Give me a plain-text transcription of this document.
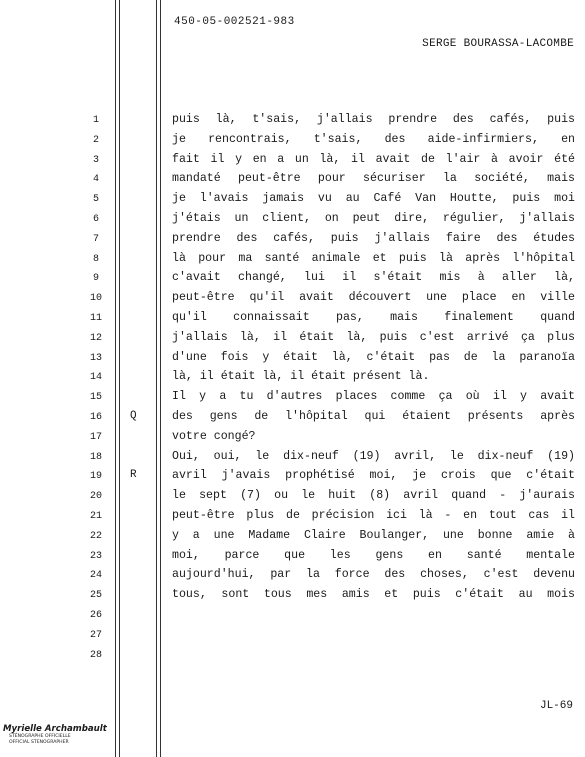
450-05-002521-983
SERGE BOURASSA-LACOMBE
1
2
3
4
5
6
7
8
9
10
11
12
13
14
15
16
17
18
19
20
21
22
23
24
25
26
27
28
Q
R
puis là, t'sais, j'allais prendre des cafés, puis
je rencontrais, t'sais, des aide-infirmiers, en
fait il y en a un là, il avait de l'air à avoir été
mandaté peut-être pour sécuriser la société, mais
je l'avais jamais vu au Café Van Houtte, puis moi
j'étais un client, on peut dire, régulier, j'allais
prendre des cafés, puis j'allais faire des études
là pour ma santé animale et puis là après l'hôpital
c'avait changé, lui il s'était mis à aller là,
peut-être qu'il avait découvert une place en ville
qu'il connaissait pas, mais finalement quand
j'allais là, il était là, puis c'est arrivé ça plus
d'une fois y était là, c'était pas de la paranoïa
là, il était là, il était présent là.
Il y a tu d'autres places comme ça où il y avait
des gens de l'hôpital qui étaient présents après
votre congé?
Oui, oui, le dix-neuf (19) avril, le dix-neuf (19)
avril j'avais prophétisé moi, je crois que c'était
le sept (7) ou le huit (8) avril quand - j'aurais
peut-être plus de précision ici là - en tout cas il
y a une Madame Claire Boulanger, une bonne amie à
moi, parce que les gens en santé mentale
aujourd'hui, par la force des choses, c'est devenu
tous, sont tous mes amis et puis c'était au mois
JL-69
Myrielle Archambault
STÉNOGRAPHE OFFICIELLE
OFFICIAL STENOGRAPHER
